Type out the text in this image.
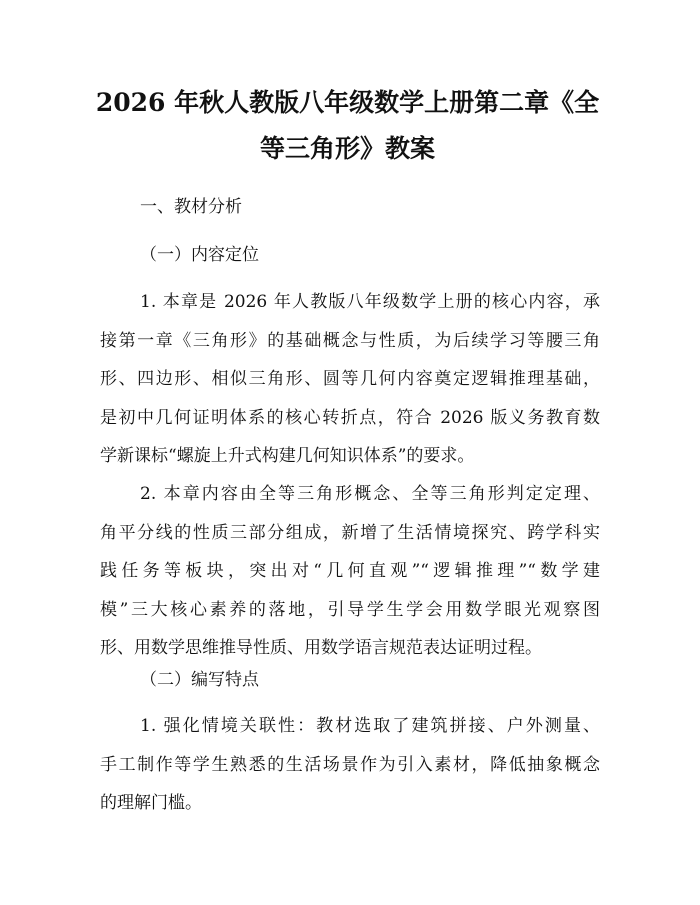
2026 年秋人教版八年级数学上册第二章《全
等三角形》教案

一、教材分析

（一）内容定位

1. 本章是 2026 年人教版八年级数学上册的核心内容，承
接第一章《三角形》的基础概念与性质，为后续学习等腰三角
形、四边形、相似三角形、圆等几何内容奠定逻辑推理基础，
是初中几何证明体系的核心转折点，符合 2026 版义务教育数
学新课标“螺旋上升式构建几何知识体系”的要求。
2. 本章内容由全等三角形概念、全等三角形判定定理、
角平分线的性质三部分组成，新增了生活情境探究、跨学科实
践任务等板块，突出对“几何直观”“逻辑推理”“数学建
模”三大核心素养的落地，引导学生学会用数学眼光观察图
形、用数学思维推导性质、用数学语言规范表达证明过程。

（二）编写特点

1. 强化情境关联性：教材选取了建筑拼接、户外测量、
手工制作等学生熟悉的生活场景作为引入素材，降低抽象概念
的理解门槛。
